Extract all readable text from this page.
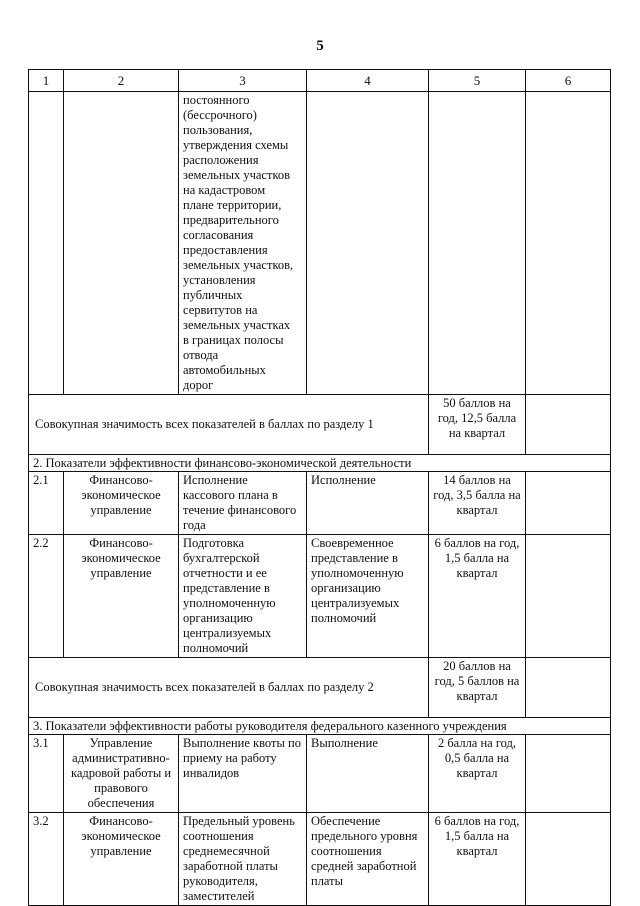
5
1	2	3	4	5	6
		постоянного (бессрочного) пользования, утверждения схемы расположения земельных участков на кадастровом плане территории, предварительного согласования предоставления земельных участков, установления публичных сервитутов на земельных участках в границах полосы отвода автомобильных дорог			
Совокупная значимость всех показателей в баллах по разделу 1				50 баллов на год, 12,5 балла на квартал	
2. Показатели эффективности финансово-экономической деятельности					
2.1	Финансово-экономическое управление	Исполнение кассового плана в течение финансового года	Исполнение	14 баллов на год, 3,5 балла на квартал	
2.2	Финансово-экономическое управление	Подготовка бухгалтерской отчетности и ее представление в уполномоченную организацию централизуемых полномочий	Своевременное представление в уполномоченную организацию централизуемых полномочий	6 баллов на год, 1,5 балла на квартал	
Совокупная значимость всех показателей в баллах по разделу 2				20 баллов на год, 5 баллов на квартал	
3. Показатели эффективности работы руководителя федерального казенного учреждения					
3.1	Управление административно-кадровой работы и правового обеспечения	Выполнение квоты по приему на работу инвалидов	Выполнение	2 балла на год, 0,5 балла на квартал	
3.2	Финансово-экономическое управление	Предельный уровень соотношения среднемесячной заработной платы руководителя, заместителей	Обеспечение предельного уровня соотношения средней заработной платы	6 баллов на год, 1,5 балла на квартал	
